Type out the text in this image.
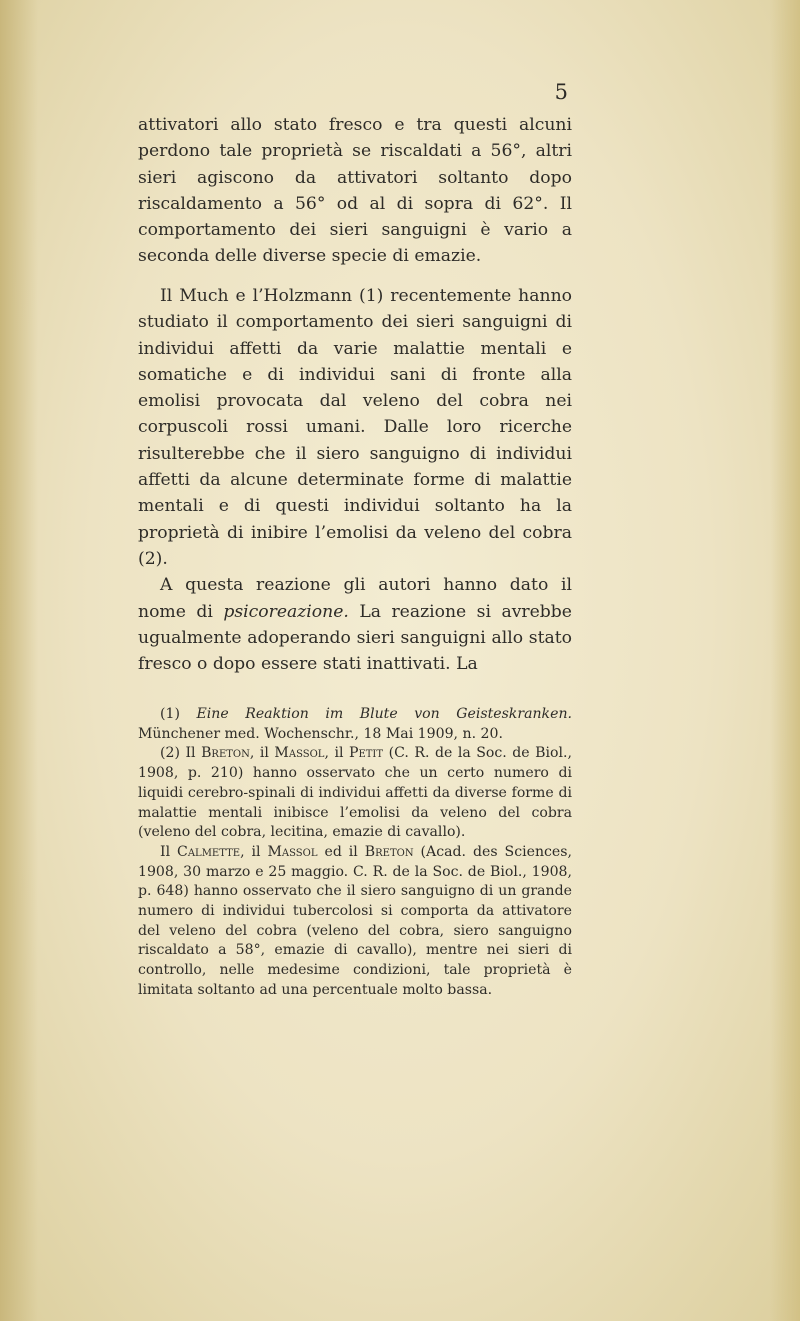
5

attivatori allo stato fresco e tra questi alcuni perdono tale proprietà se riscaldati a 56°, altri sieri agiscono da attivatori soltanto dopo riscaldamento a 56° od al di sopra di 62°. Il comportamento dei sieri sanguigni è vario a seconda delle diverse specie di emazie.

Il Much e l’Holzmann (1) recentemente hanno studiato il comportamento dei sieri sanguigni di individui affetti da varie malattie mentali e somatiche e di individui sani di fronte alla emolisi provocata dal veleno del cobra nei corpuscoli rossi umani. Dalle loro ricerche risulterebbe che il siero sanguigno di individui affetti da alcune determinate forme di malattie mentali e di questi individui soltanto ha la proprietà di inibire l’emolisi da veleno del cobra (2).

A questa reazione gli autori hanno dato il nome di psicoreazione. La reazione si avrebbe ugualmente adoperando sieri sanguigni allo stato fresco o dopo essere stati inattivati. La

(1) Eine Reaktion im Blute von Geisteskranken. Münchener med. Wochenschr., 18 Mai 1909, n. 20.

(2) Il Breton, il Massol, il Petit (C. R. de la Soc. de Biol., 1908, p. 210) hanno osservato che un certo numero di liquidi cerebro-spinali di individui affetti da diverse forme di malattie mentali inibisce l’emolisi da veleno del cobra (veleno del cobra, lecitina, emazie di cavallo).

Il Calmette, il Massol ed il Breton (Acad. des Sciences, 1908, 30 marzo e 25 maggio. C. R. de la Soc. de Biol., 1908, p. 648) hanno osservato che il siero sanguigno di un grande numero di individui tubercolosi si comporta da attivatore del veleno del cobra (veleno del cobra, siero sanguigno riscaldato a 58°, emazie di cavallo), mentre nei sieri di controllo, nelle medesime condizioni, tale proprietà è limitata soltanto ad una percentuale molto bassa.
